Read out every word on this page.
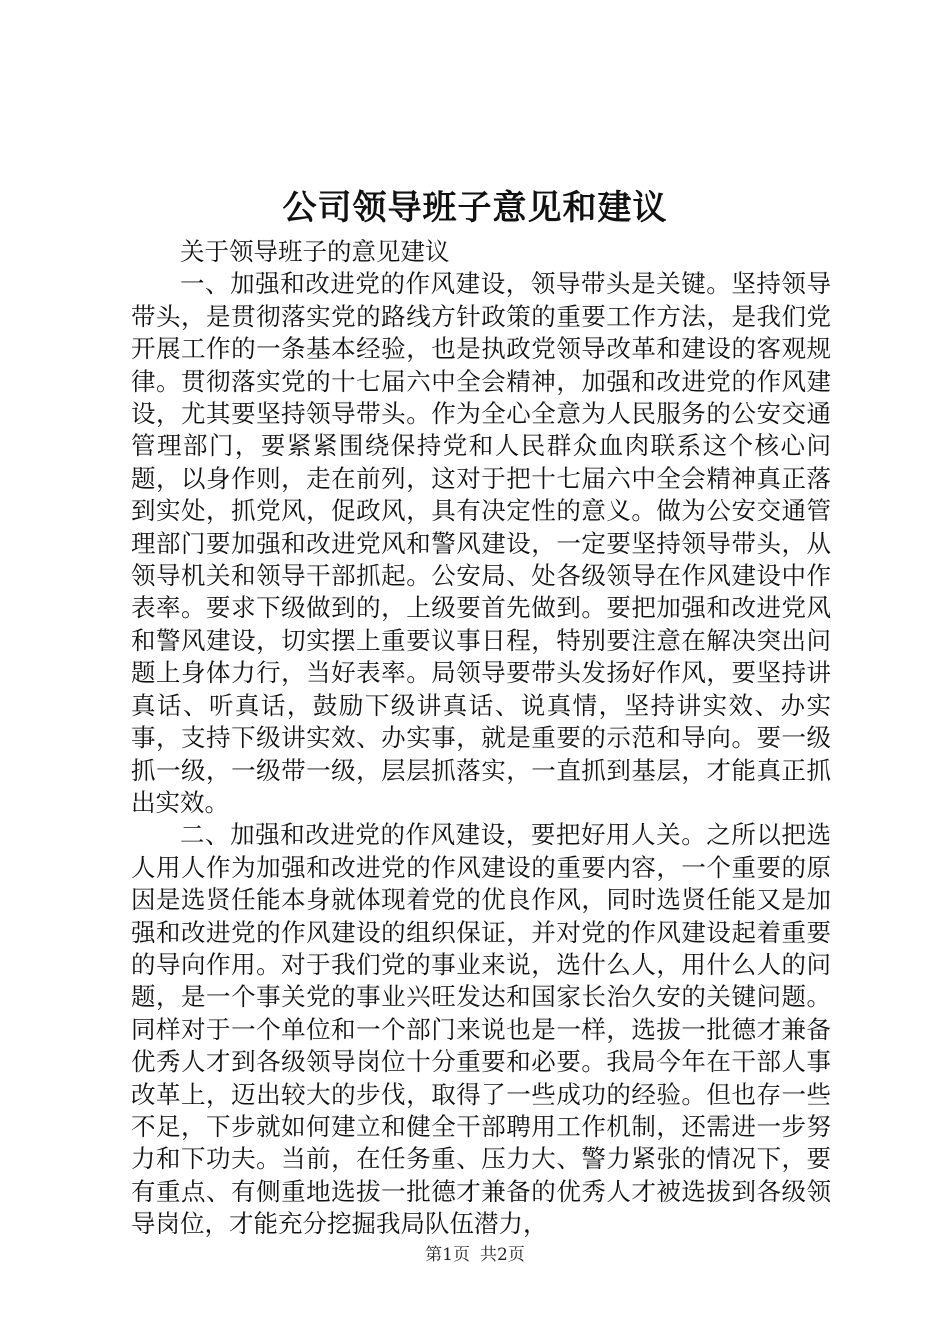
公司领导班子意见和建议

关于领导班子的意见建议

一、加强和改进党的作风建设，领导带头是关键。坚持领导带头，是贯彻落实党的路线方针政策的重要工作方法，是我们党开展工作的一条基本经验，也是执政党领导改革和建设的客观规律。贯彻落实党的十七届六中全会精神，加强和改进党的作风建设，尤其要坚持领导带头。作为全心全意为人民服务的公安交通管理部门，要紧紧围绕保持党和人民群众血肉联系这个核心问题，以身作则，走在前列，这对于把十七届六中全会精神真正落到实处，抓党风，促政风，具有决定性的意义。做为公安交通管理部门要加强和改进党风和警风建设，一定要坚持领导带头，从领导机关和领导干部抓起。公安局、处各级领导在作风建设中作表率。要求下级做到的，上级要首先做到。要把加强和改进党风和警风建设，切实摆上重要议事日程，特别要注意在解决突出问题上身体力行，当好表率。局领导要带头发扬好作风，要坚持讲真话、听真话，鼓励下级讲真话、说真情，坚持讲实效、办实事，支持下级讲实效、办实事，就是重要的示范和导向。要一级抓一级，一级带一级，层层抓落实，一直抓到基层，才能真正抓出实效。

二、加强和改进党的作风建设，要把好用人关。之所以把选人用人作为加强和改进党的作风建设的重要内容，一个重要的原因是选贤任能本身就体现着党的优良作风，同时选贤任能又是加强和改进党的作风建设的组织保证，并对党的作风建设起着重要的导向作用。对于我们党的事业来说，选什么人，用什么人的问题，是一个事关党的事业兴旺发达和国家长治久安的关键问题。同样对于一个单位和一个部门来说也是一样，选拔一批德才兼备优秀人才到各级领导岗位十分重要和必要。我局今年在干部人事改革上，迈出较大的步伐，取得了一些成功的经验。但也存一些不足，下步就如何建立和健全干部聘用工作机制，还需进一步努力和下功夫。当前，在任务重、压力大、警力紧张的情况下，要有重点、有侧重地选拔一批德才兼备的优秀人才被选拔到各级领导岗位，才能充分挖掘我局队伍潜力，

第1页 共2页
